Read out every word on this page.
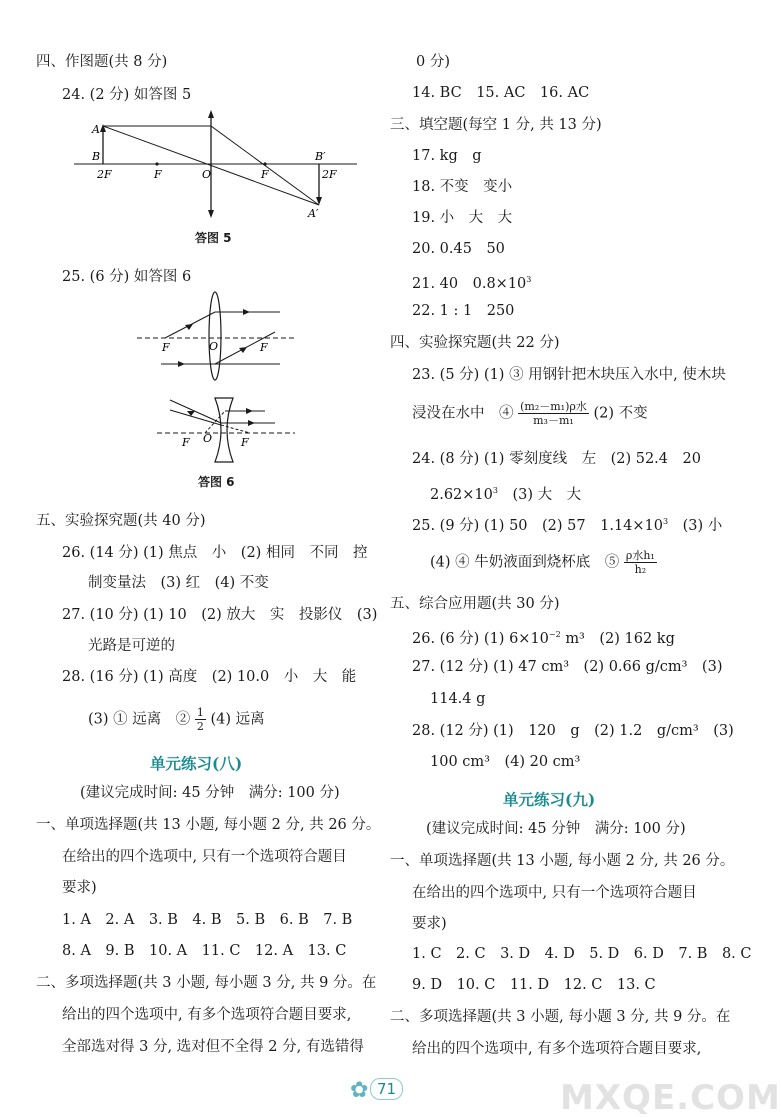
四、作图题(共 8 分)
24. (2 分) 如答图 5
A
B
2F	F	O	F
B′
2F
A′
答图 5
25. (6 分) 如答图 6
F	O	F
F O	F
答图 6
五、实验探究题(共 40 分)
26. (14 分) (1) 焦点　小　(2) 相同　不同　控
制变量法　(3) 红　(4) 不变
27. (10 分) (1) 10　(2) 放大　实　投影仪　(3)
光路是可逆的
28. (16 分) (1) 高度　(2) 10.0　小　大　能
(3) ① 远离　② $\frac{1}{2} (4)$ 远离
单元练习(八)
(建议完成时间: 45 分钟　满分: 100 分)
一、单项选择题(共 13 小题, 每小题 2 分, 共 26 分。
在给出的四个选项中, 只有一个选项符合题目
要求)
1. A　2. A　3. B　4. B　5. B　6. B　7. B
8. A　9. B　10. A　11. C　12. A　13. C
二、多项选择题(共 3 小题, 每小题 3 分, 共 9 分。在
给出的四个选项中, 有多个选项符合题目要求,
全部选对得 3 分, 选对但不全得 2 分, 有选错得
0 分)
14. BC　15. AC　16. AC
三、填空题(每空 1 分, 共 13 分)
17. kg　g
18. 不变　变小
19. 小　大　大
20. 0.45　50
21. 40　$0.8\times 10^3$
22. 1 : 1　250
四、实验探究题(共 22 分)
23. (5 分) (1) ③ 用钢针把木块压入水中, 使木块
浸没在水中　④ $\frac{\text{(m₂－m₁)ρ水}}{\text{m₃－m₁}} (2)$ 不变
24. (8 分) (1) 零刻度线　左　(2) 52.4　20
$2.62\times 10^3$　 (3) 大　大
25. (9 分) (1) 50　(2) 57　$1.14\times 10^3$　 (3) 小
(4) ④ 牛奶液面到烧杯底　⑤ $\frac{\text{ρ水h₁}}{\text{h₂}}$
五、综合应用题(共 30 分)
26. (6 分) (1) $6\times 10^{-2}$ m³　(2) 162 kg
27. (12 分) (1) 47 cm³　(2) 0.66 g/cm³　(3)
114.4 g
28. (12 分) (1)　120　g　(2) 1.2　g/cm³　(3)
100 cm³　(4) 20 cm³
单元练习(九)
(建议完成时间: 45 分钟　满分: 100 分)
一、单项选择题(共 13 小题, 每小题 2 分, 共 26 分。
在给出的四个选项中, 只有一个选项符合题目
要求)
1. C　2. C　3. D　4. D　5. D　6. D　7. B　8. C
9. D　10. C　11. D　12. C　13. C
二、多项选择题(共 3 小题, 每小题 3 分, 共 9 分。在
给出的四个选项中, 有多个选项符合题目要求,
✿ 71	MXQE.COM
